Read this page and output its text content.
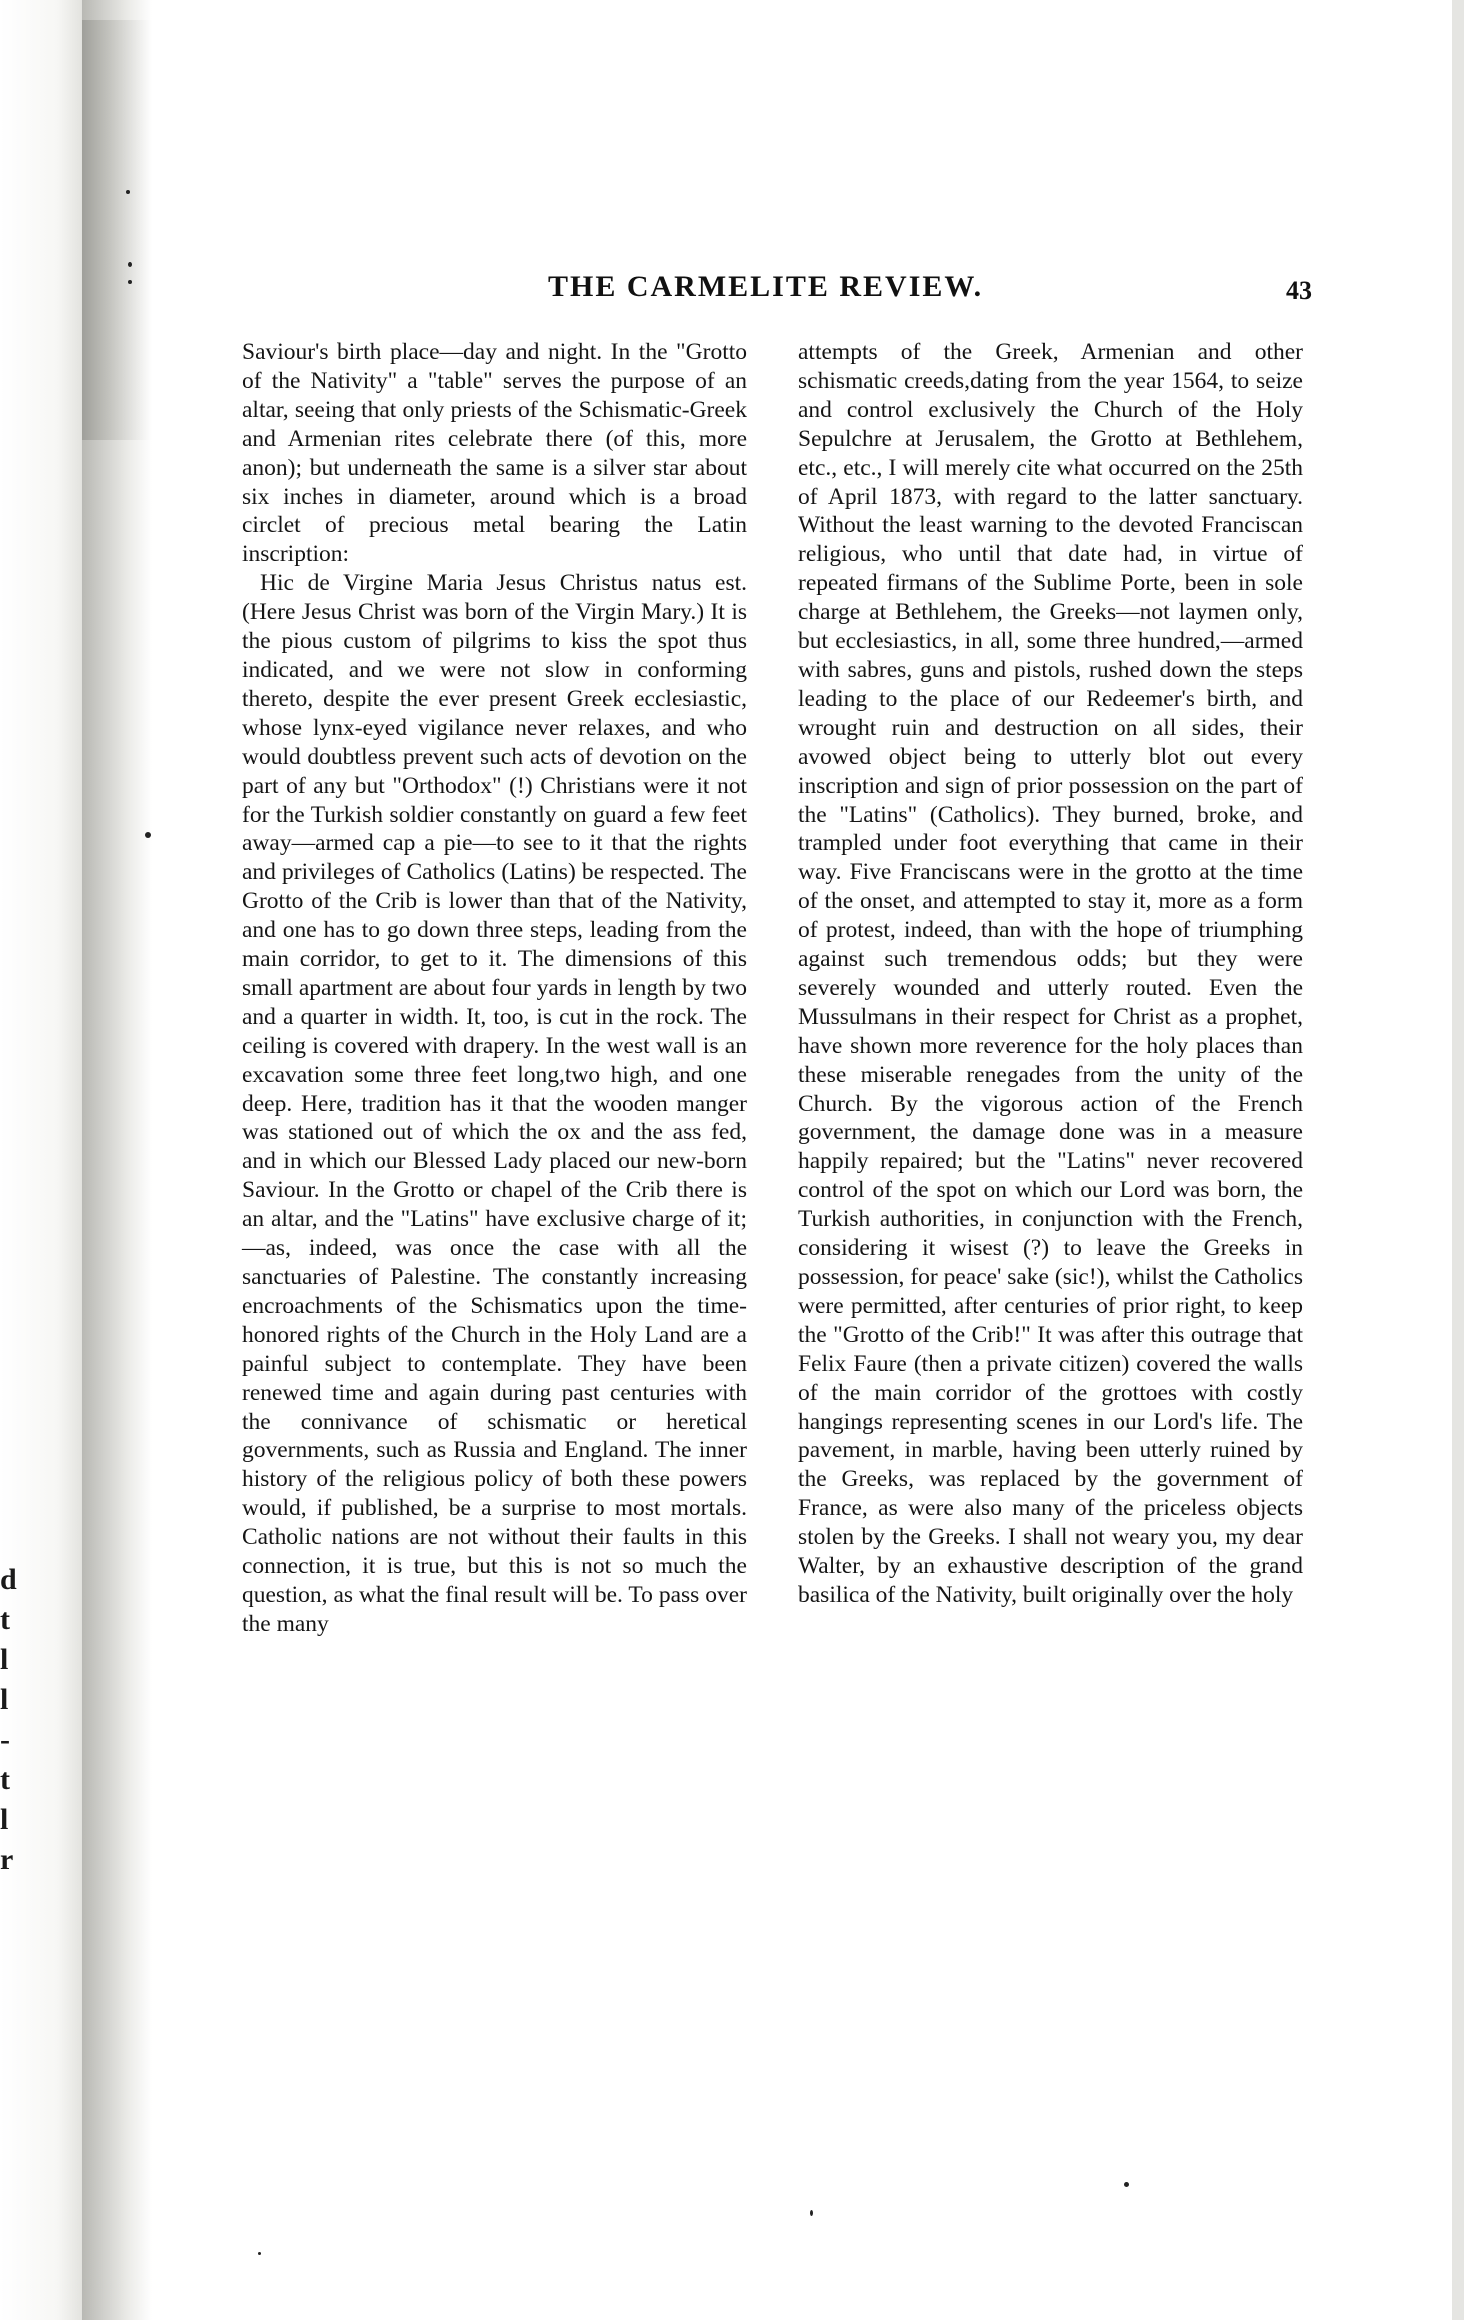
d
t
l
l
-
t
l
r
THE CARMELITE REVIEW.	43

Saviour's birth place—day and night. In the "Grotto of the Nativity" a "table" serves the purpose of an altar, seeing that only priests of the Schismatic-Greek and Armenian rites celebrate there (of this, more anon); but underneath the same is a silver star about six inches in diameter, around which is a broad circlet of precious metal bearing the Latin inscription:

Hic de Virgine Maria Jesus Christus natus est. (Here Jesus Christ was born of the Virgin Mary.) It is the pious custom of pilgrims to kiss the spot thus indicated, and we were not slow in conforming thereto, despite the ever present Greek ecclesiastic, whose lynx-eyed vigilance never relaxes, and who would doubtless prevent such acts of devotion on the part of any but "Orthodox" (!) Christians were it not for the Turkish soldier constantly on guard a few feet away—armed cap a pie—to see to it that the rights and privileges of Catholics (Latins) be respected. The Grotto of the Crib is lower than that of the Nativity, and one has to go down three steps, leading from the main corridor, to get to it. The dimensions of this small apartment are about four yards in length by two and a quarter in width. It, too, is cut in the rock. The ceiling is covered with drapery. In the west wall is an excavation some three feet long,two high, and one deep. Here, tradition has it that the wooden manger was stationed out of which the ox and the ass fed, and in which our Blessed Lady placed our new-born Saviour. In the Grotto or chapel of the Crib there is an altar, and the "Latins" have exclusive charge of it;—as, indeed, was once the case with all the sanctuaries of Palestine. The constantly increasing encroachments of the Schismatics upon the time-honored rights of the Church in the Holy Land are a painful subject to contemplate. They have been renewed time and again during past centuries with the connivance of schismatic or heretical governments, such as Russia and England. The inner history of the religious policy of both these powers would, if published, be a surprise to most mortals. Catholic nations are not without their faults in this connection, it is true, but this is not so much the question, as what the final result will be. To pass over the many

attempts of the Greek, Armenian and other schismatic creeds,dating from the year 1564, to seize and control exclusively the Church of the Holy Sepulchre at Jerusalem, the Grotto at Bethlehem, etc., etc., I will merely cite what occurred on the 25th of April 1873, with regard to the latter sanctuary. Without the least warning to the devoted Franciscan religious, who until that date had, in virtue of repeated firmans of the Sublime Porte, been in sole charge at Bethlehem, the Greeks—not laymen only, but ecclesiastics, in all, some three hundred,—armed with sabres, guns and pistols, rushed down the steps leading to the place of our Redeemer's birth, and wrought ruin and destruction on all sides, their avowed object being to utterly blot out every inscription and sign of prior possession on the part of the "Latins" (Catholics). They burned, broke, and trampled under foot everything that came in their way. Five Franciscans were in the grotto at the time of the onset, and attempted to stay it, more as a form of protest, indeed, than with the hope of triumphing against such tremendous odds; but they were severely wounded and utterly routed. Even the Mussulmans in their respect for Christ as a prophet, have shown more reverence for the holy places than these miserable renegades from the unity of the Church. By the vigorous action of the French government, the damage done was in a measure happily repaired; but the "Latins" never recovered control of the spot on which our Lord was born, the Turkish authorities, in conjunction with the French, considering it wisest (?) to leave the Greeks in possession, for peace' sake (sic!), whilst the Catholics were permitted, after centuries of prior right, to keep the "Grotto of the Crib!" It was after this outrage that Felix Faure (then a private citizen) covered the walls of the main corridor of the grottoes with costly hangings representing scenes in our Lord's life. The pavement, in marble, having been utterly ruined by the Greeks, was replaced by the government of France, as were also many of the priceless objects stolen by the Greeks. I shall not weary you, my dear Walter, by an exhaustive description of the grand basilica of the Nativity, built originally over the holy
